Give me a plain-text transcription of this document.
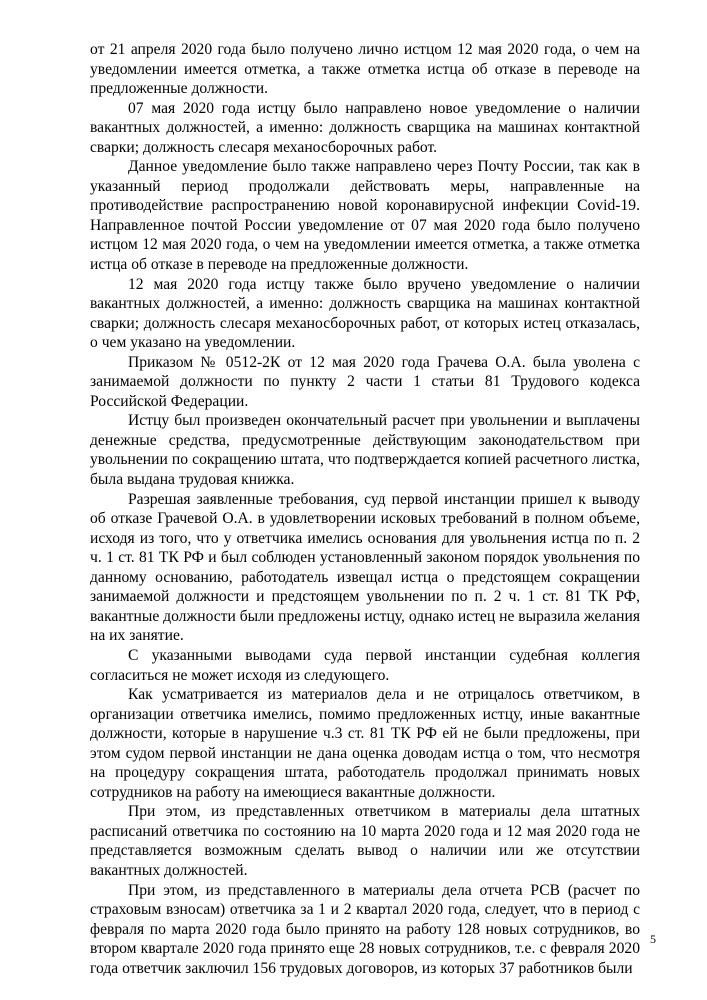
от 21 апреля 2020 года было получено лично истцом 12 мая 2020 года, о чем на уведомлении имеется отметка, а также отметка истца об отказе в переводе на предложенные должности.

07 мая 2020 года истцу было направлено новое уведомление о наличии вакантных должностей, а именно: должность сварщика на машинах контактной сварки; должность слесаря механосборочных работ.

Данное уведомление было также направлено через Почту России, так как в указанный период продолжали действовать меры, направленные на противодействие распространению новой коронавирусной инфекции Covid-19. Направленное почтой России уведомление от 07 мая 2020 года было получено истцом 12 мая 2020 года, о чем на уведомлении имеется отметка, а также отметка истца об отказе в переводе на предложенные должности.

12 мая 2020 года истцу также было вручено уведомление о наличии вакантных должностей, а именно: должность сварщика на машинах контактной сварки; должность слесаря механосборочных работ, от которых истец отказалась, о чем указано на уведомлении.

Приказом № 0512-2К от 12 мая 2020 года Грачева О.А. была уволена с занимаемой должности по пункту 2 части 1 статьи 81 Трудового кодекса Российской Федерации.

Истцу был произведен окончательный расчет при увольнении и выплачены денежные средства, предусмотренные действующим законодательством при увольнении по сокращению штата, что подтверждается копией расчетного листка, была выдана трудовая книжка.

Разрешая заявленные требования, суд первой инстанции пришел к выводу об отказе Грачевой О.А. в удовлетворении исковых требований в полном объеме, исходя из того, что у ответчика имелись основания для увольнения истца по п. 2 ч. 1 ст. 81 ТК РФ и был соблюден установленный законом порядок увольнения по данному основанию, работодатель извещал истца о предстоящем сокращении занимаемой должности и предстоящем увольнении по п. 2 ч. 1 ст. 81 ТК РФ, вакантные должности были предложены истцу, однако истец не выразила желания на их занятие.

С указанными выводами суда первой инстанции судебная коллегия согласиться не может исходя из следующего.

Как усматривается из материалов дела и не отрицалось ответчиком, в организации ответчика имелись, помимо предложенных истцу, иные вакантные должности, которые в нарушение ч.3 ст. 81 ТК РФ ей не были предложены, при этом судом первой инстанции не дана оценка доводам истца о том, что несмотря на процедуру сокращения штата, работодатель продолжал принимать новых сотрудников на работу на имеющиеся вакантные должности.

При этом, из представленных ответчиком в материалы дела штатных расписаний ответчика по состоянию на 10 марта 2020 года и 12 мая 2020 года не представляется возможным сделать вывод о наличии или же отсутствии вакантных должностей.

При этом, из представленного в материалы дела отчета РСВ (расчет по страховым взносам) ответчика за 1 и 2 квартал 2020 года, следует, что в период с февраля по марта 2020 года было принято на работу 128 новых сотрудников, во втором квартале 2020 года принято еще 28 новых сотрудников, т.е. с февраля 2020 года ответчик заключил 156 трудовых договоров, из которых 37 работников были

5
